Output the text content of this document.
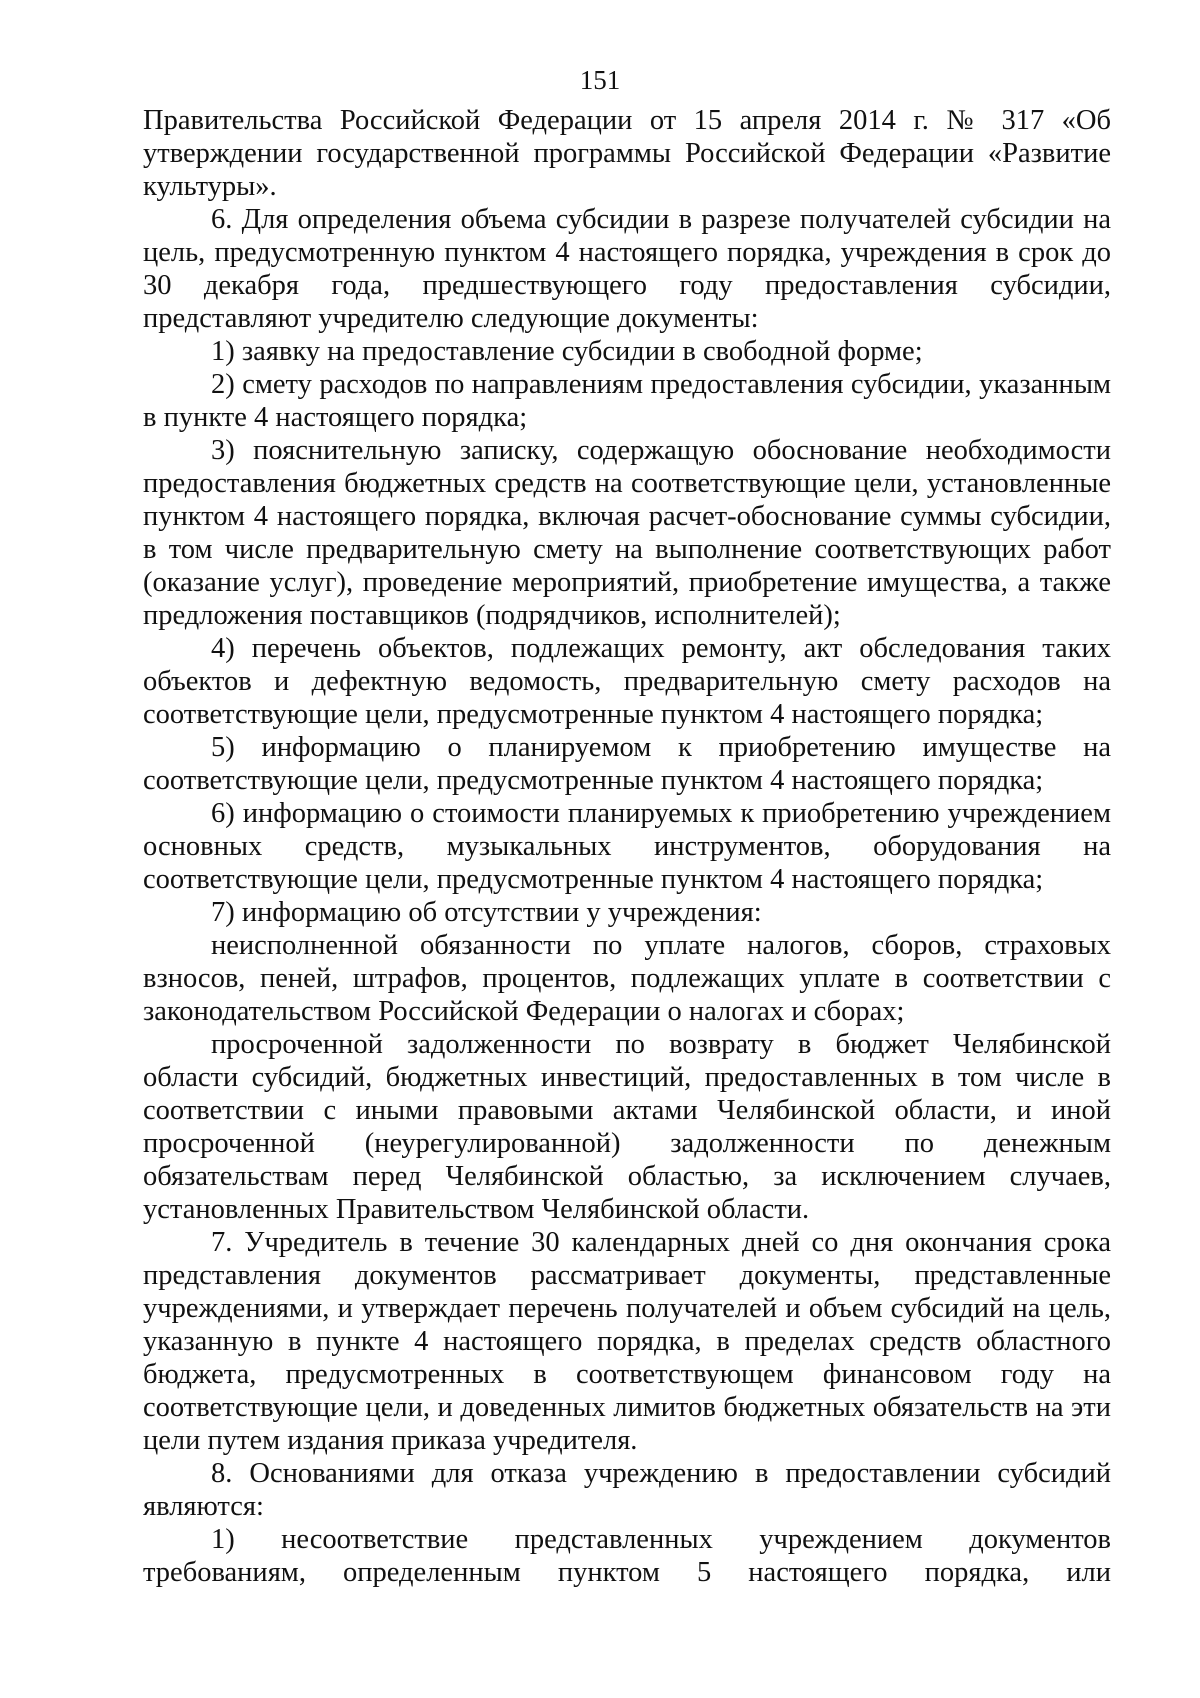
151

Правительства Российской Федерации от 15 апреля 2014 г. № 317 «Об утверждении государственной программы Российской Федерации «Развитие культуры».

6. Для определения объема субсидии в разрезе получателей субсидии на цель, предусмотренную пунктом 4 настоящего порядка, учреждения в срок до 30 декабря года, предшествующего году предоставления субсидии, представляют учредителю следующие документы:

1) заявку на предоставление субсидии в свободной форме;

2) смету расходов по направлениям предоставления субсидии, указанным в пункте 4 настоящего порядка;

3) пояснительную записку, содержащую обоснование необходимости предоставления бюджетных средств на соответствующие цели, установленные пунктом 4 настоящего порядка, включая расчет-обоснование суммы субсидии, в том числе предварительную смету на выполнение соответствующих работ (оказание услуг), проведение мероприятий, приобретение имущества, а также предложения поставщиков (подрядчиков, исполнителей);

4) перечень объектов, подлежащих ремонту, акт обследования таких объектов и дефектную ведомость, предварительную смету расходов на соответствующие цели, предусмотренные пунктом 4 настоящего порядка;

5) информацию о планируемом к приобретению имуществе на соответствующие цели, предусмотренные пунктом 4 настоящего порядка;

6) информацию о стоимости планируемых к приобретению учреждением основных средств, музыкальных инструментов, оборудования на соответствующие цели, предусмотренные пунктом 4 настоящего порядка;

7) информацию об отсутствии у учреждения:

неисполненной обязанности по уплате налогов, сборов, страховых взносов, пеней, штрафов, процентов, подлежащих уплате в соответствии с законодательством Российской Федерации о налогах и сборах;

просроченной задолженности по возврату в бюджет Челябинской области субсидий, бюджетных инвестиций, предоставленных в том числе в соответствии с иными правовыми актами Челябинской области, и иной просроченной (неурегулированной) задолженности по денежным обязательствам перед Челябинской областью, за исключением случаев, установленных Правительством Челябинской области.

7. Учредитель в течение 30 календарных дней со дня окончания срока представления документов рассматривает документы, представленные учреждениями, и утверждает перечень получателей и объем субсидий на цель, указанную в пункте 4 настоящего порядка, в пределах средств областного бюджета, предусмотренных в соответствующем финансовом году на соответствующие цели, и доведенных лимитов бюджетных обязательств на эти цели путем издания приказа учредителя.

8. Основаниями для отказа учреждению в предоставлении субсидий являются:

1) несоответствие представленных учреждением документов требованиям, определенным пунктом 5 настоящего порядка, или
